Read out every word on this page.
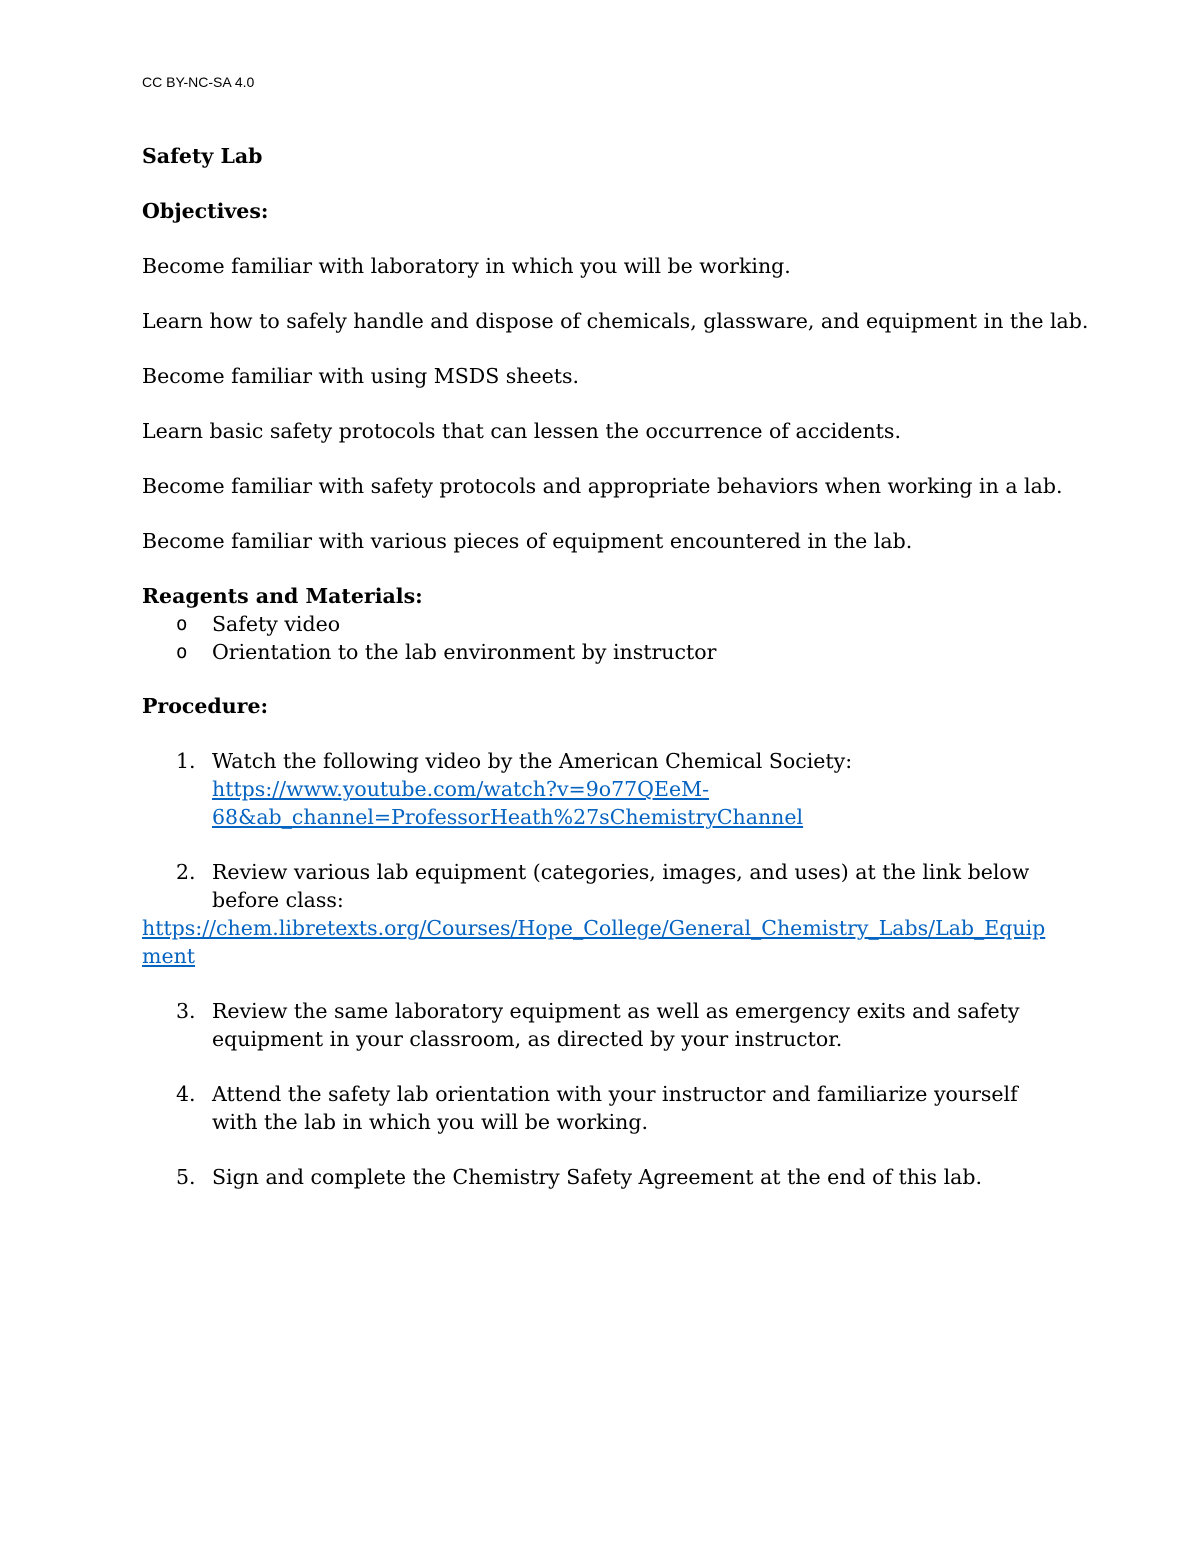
CC BY-NC-SA 4.0

Safety Lab

Objectives:

Become familiar with laboratory in which you will be working.

Learn how to safely handle and dispose of chemicals, glassware, and equipment in the lab.

Become familiar with using MSDS sheets.

Learn basic safety protocols that can lessen the occurrence of accidents.

Become familiar with safety protocols and appropriate behaviors when working in a lab.

Become familiar with various pieces of equipment encountered in the lab.

Reagents and Materials:

o Safety video
o Orientation to the lab environment by instructor

Procedure:

1. Watch the following video by the American Chemical Society:
https://www.youtube.com/watch?v=9o77QEeM-
68&ab_channel=ProfessorHeath%27sChemistryChannel
2. Review various lab equipment (categories, images, and uses) at the link below before class:
https://chem.libretexts.org/Courses/Hope_College/General_Chemistry_Labs/Lab_Equipment
3. Review the same laboratory equipment as well as emergency exits and safety equipment in your classroom, as directed by your instructor.
4. Attend the safety lab orientation with your instructor and familiarize yourself with the lab in which you will be working.
5. Sign and complete the Chemistry Safety Agreement at the end of this lab.
